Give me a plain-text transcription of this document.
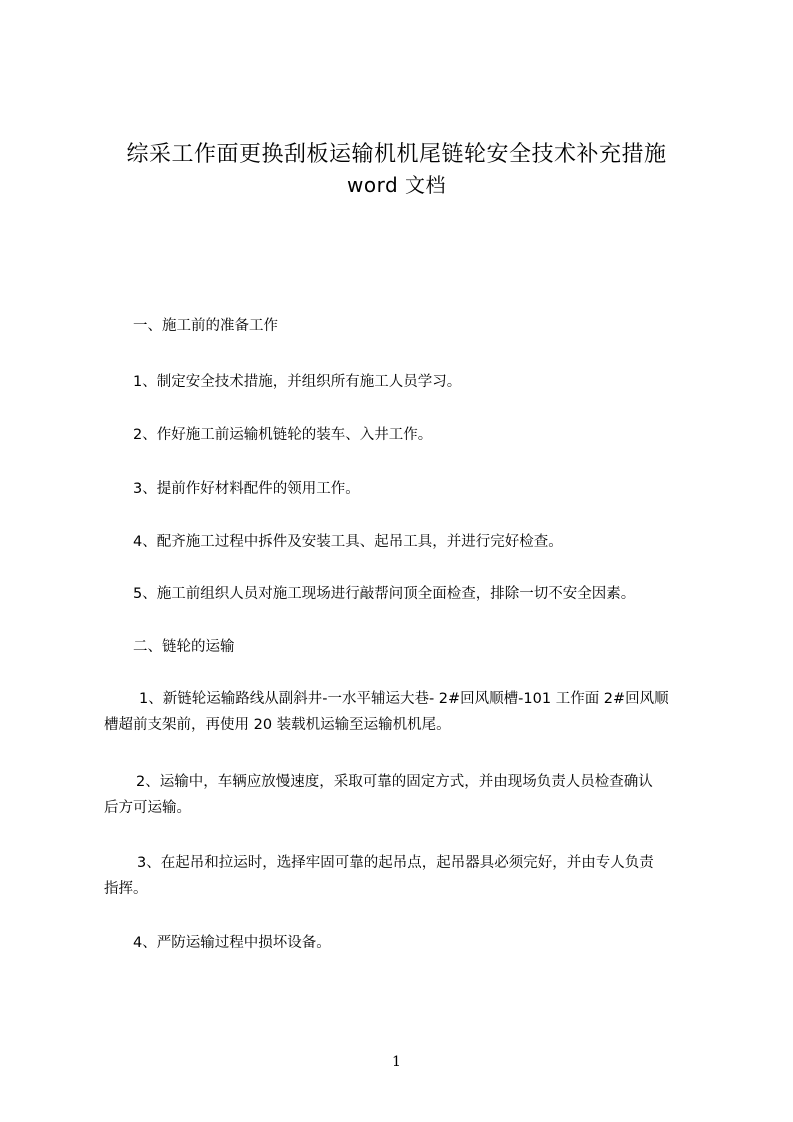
综采工作面更换刮板运输机机尾链轮安全技术补充措施
word 文档
一、施工前的准备工作
1、制定安全技术措施，并组织所有施工人员学习。
2、作好施工前运输机链轮的装车、入井工作。
3、提前作好材料配件的领用工作。
4、配齐施工过程中拆件及安装工具、起吊工具，并进行完好检查。
5、施工前组织人员对施工现场进行敲帮问顶全面检查，排除一切不安全因素。
二、链轮的运输
1、新链轮运输路线从副斜井-一水平辅运大巷- 2#回风顺槽-101 工作面 2#回风顺
槽超前支架前，再使用 20 装载机运输至运输机机尾。
2、运输中，车辆应放慢速度，采取可靠的固定方式，并由现场负责人员检查确认
后方可运输。
3、在起吊和拉运时，选择牢固可靠的起吊点，起吊器具必须完好，并由专人负责
指挥。
4、严防运输过程中损坏设备。
1
